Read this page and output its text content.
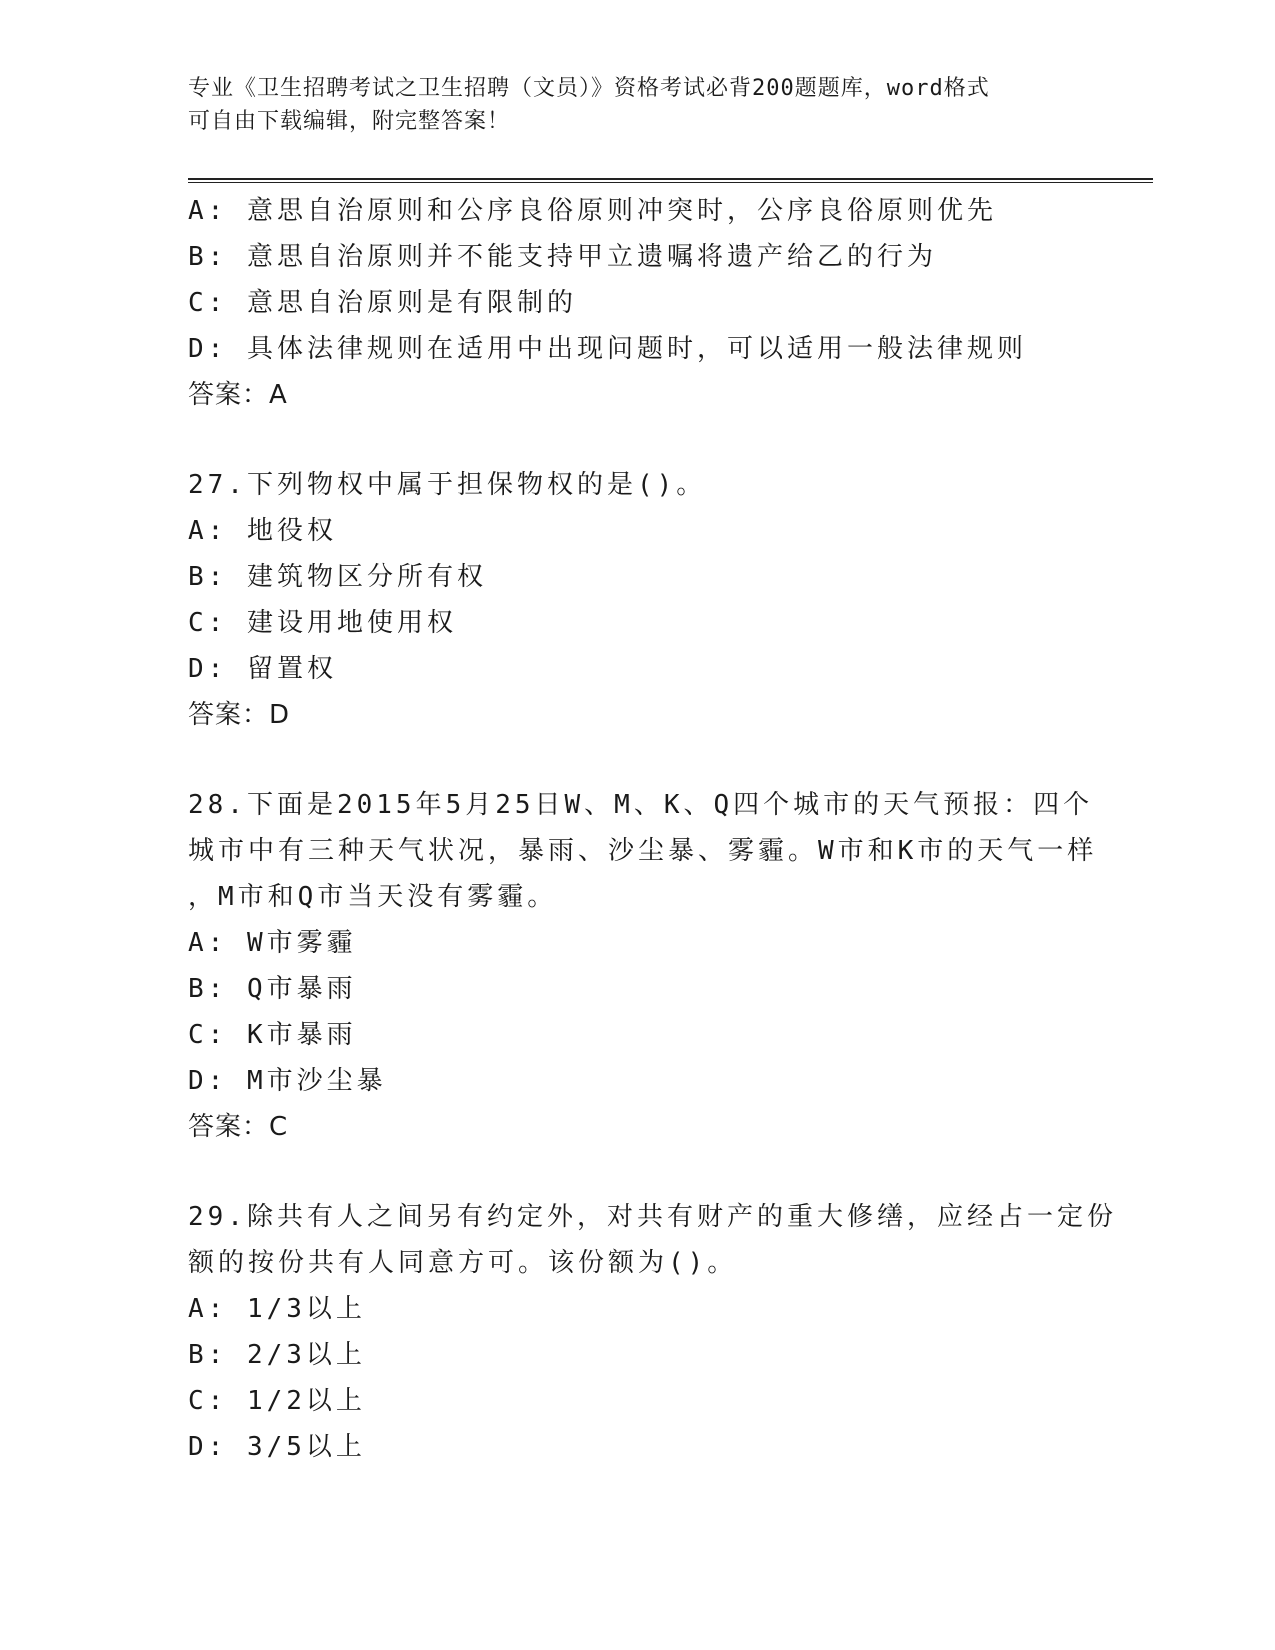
专业《卫生招聘考试之卫生招聘（文员）》资格考试必背200题题库，word格式
可自由下载编辑，附完整答案！
A: 意思自治原则和公序良俗原则冲突时，公序良俗原则优先
B: 意思自治原则并不能支持甲立遗嘱将遗产给乙的行为
C: 意思自治原则是有限制的
D: 具体法律规则在适用中出现问题时，可以适用一般法律规则
答案：A
27.下列物权中属于担保物权的是()。
A: 地役权
B: 建筑物区分所有权
C: 建设用地使用权
D: 留置权
答案：D
28.下面是2015年5月25日W、M、K、Q四个城市的天气预报：四个
城市中有三种天气状况，暴雨、沙尘暴、雾霾。W市和K市的天气一样
，M市和Q市当天没有雾霾。
A: W市雾霾
B: Q市暴雨
C: K市暴雨
D: M市沙尘暴
答案：C
29.除共有人之间另有约定外，对共有财产的重大修缮，应经占一定份
额的按份共有人同意方可。该份额为()。
A: 1/3以上
B: 2/3以上
C: 1/2以上
D: 3/5以上
